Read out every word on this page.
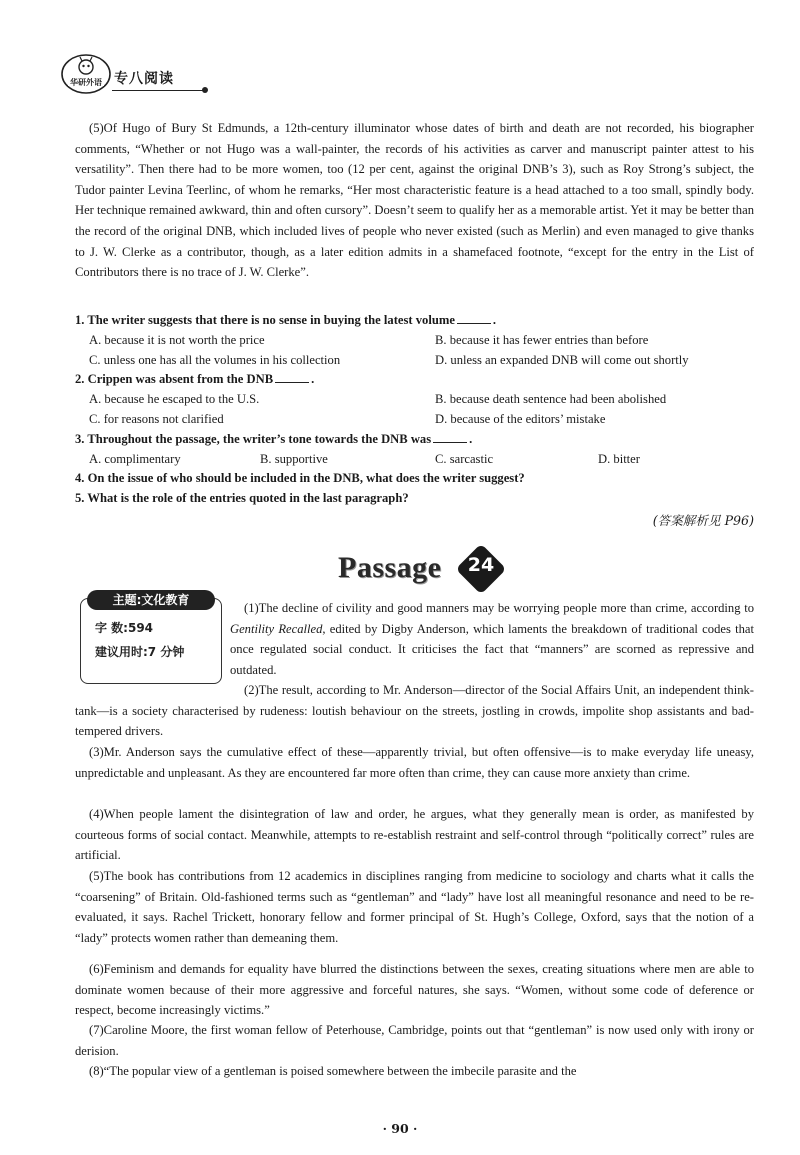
华研外语 专八阅读
(5)Of Hugo of Bury St Edmunds, a 12th-century illuminator whose dates of birth and death are not recorded, his biographer comments, “Whether or not Hugo was a wall-painter, the records of his activities as carver and manuscript painter attest to his versatility”. Then there had to be more women, too (12 per cent, against the original DNB’s 3), such as Roy Strong’s subject, the Tudor painter Levina Teerlinc, of whom he remarks, “Her most characteristic feature is a head attached to a too small, spindly body. Her technique remained awkward, thin and often cursory”. Doesn’t seem to qualify her as a memorable artist. Yet it may be better than the record of the original DNB, which included lives of people who never existed (such as Merlin) and even managed to give thanks to J. W. Clerke as a contributor, though, as a later edition admits in a shamefaced footnote, “except for the entry in the List of Contributors there is no trace of J. W. Clerke”.
1. The writer suggests that there is no sense in buying the latest volume	.
A. because it is not worth the price	B. because it has fewer entries than before
C. unless one has all the volumes in his collection	D. unless an expanded DNB will come out shortly
2. Crippen was absent from the DNB	.
A. because he escaped to the U.S.	B. because death sentence had been abolished
C. for reasons not clarified	D. because of the editors’ mistake
3. Throughout the passage, the writer’s tone towards the DNB was	.
A. complimentary	B. supportive	C. sarcastic	D. bitter
4. On the issue of who should be included in the DNB, what does the writer suggest?
5. What is the role of the entries quoted in the last paragraph?
(答案解析见 P96)
Passage 24
主题:文化教育
字 数:594
建议用时:7 分钟
(1)The decline of civility and good manners may be worrying people more than crime, according to Gentility Recalled, edited by Digby Anderson, which laments the breakdown of traditional codes that once regulated social conduct. It criticises the fact that “manners” are scorned as repressive and outdated.
(2)The result, according to Mr. Anderson—director of the Social Affairs Unit, an independent think-tank—is a society characterised by rudeness: loutish behaviour on the streets, jostling in crowds, impolite shop assistants and bad-tempered drivers.
(3)Mr. Anderson says the cumulative effect of these—apparently trivial, but often offensive—is to make everyday life uneasy, unpredictable and unpleasant. As they are encountered far more often than crime, they can cause more anxiety than crime.
(4)When people lament the disintegration of law and order, he argues, what they generally mean is order, as manifested by courteous forms of social contact. Meanwhile, attempts to re-establish restraint and self-control through “politically correct” rules are artificial.
(5)The book has contributions from 12 academics in disciplines ranging from medicine to sociology and charts what it calls the “coarsening” of Britain. Old-fashioned terms such as “gentleman” and “lady” have lost all meaningful resonance and need to be re-evaluated, it says. Rachel Trickett, honorary fellow and former principal of St. Hugh’s College, Oxford, says that the notion of a “lady” protects women rather than demeaning them.
(6)Feminism and demands for equality have blurred the distinctions between the sexes, creating situations where men are able to dominate women because of their more aggressive and forceful natures, she says. “Women, without some code of deference or respect, become increasingly victims.”
(7)Caroline Moore, the first woman fellow of Peterhouse, Cambridge, points out that “gentleman” is now used only with irony or derision.
(8)“The popular view of a gentleman is poised somewhere between the imbecile parasite and the
· 90 ·
